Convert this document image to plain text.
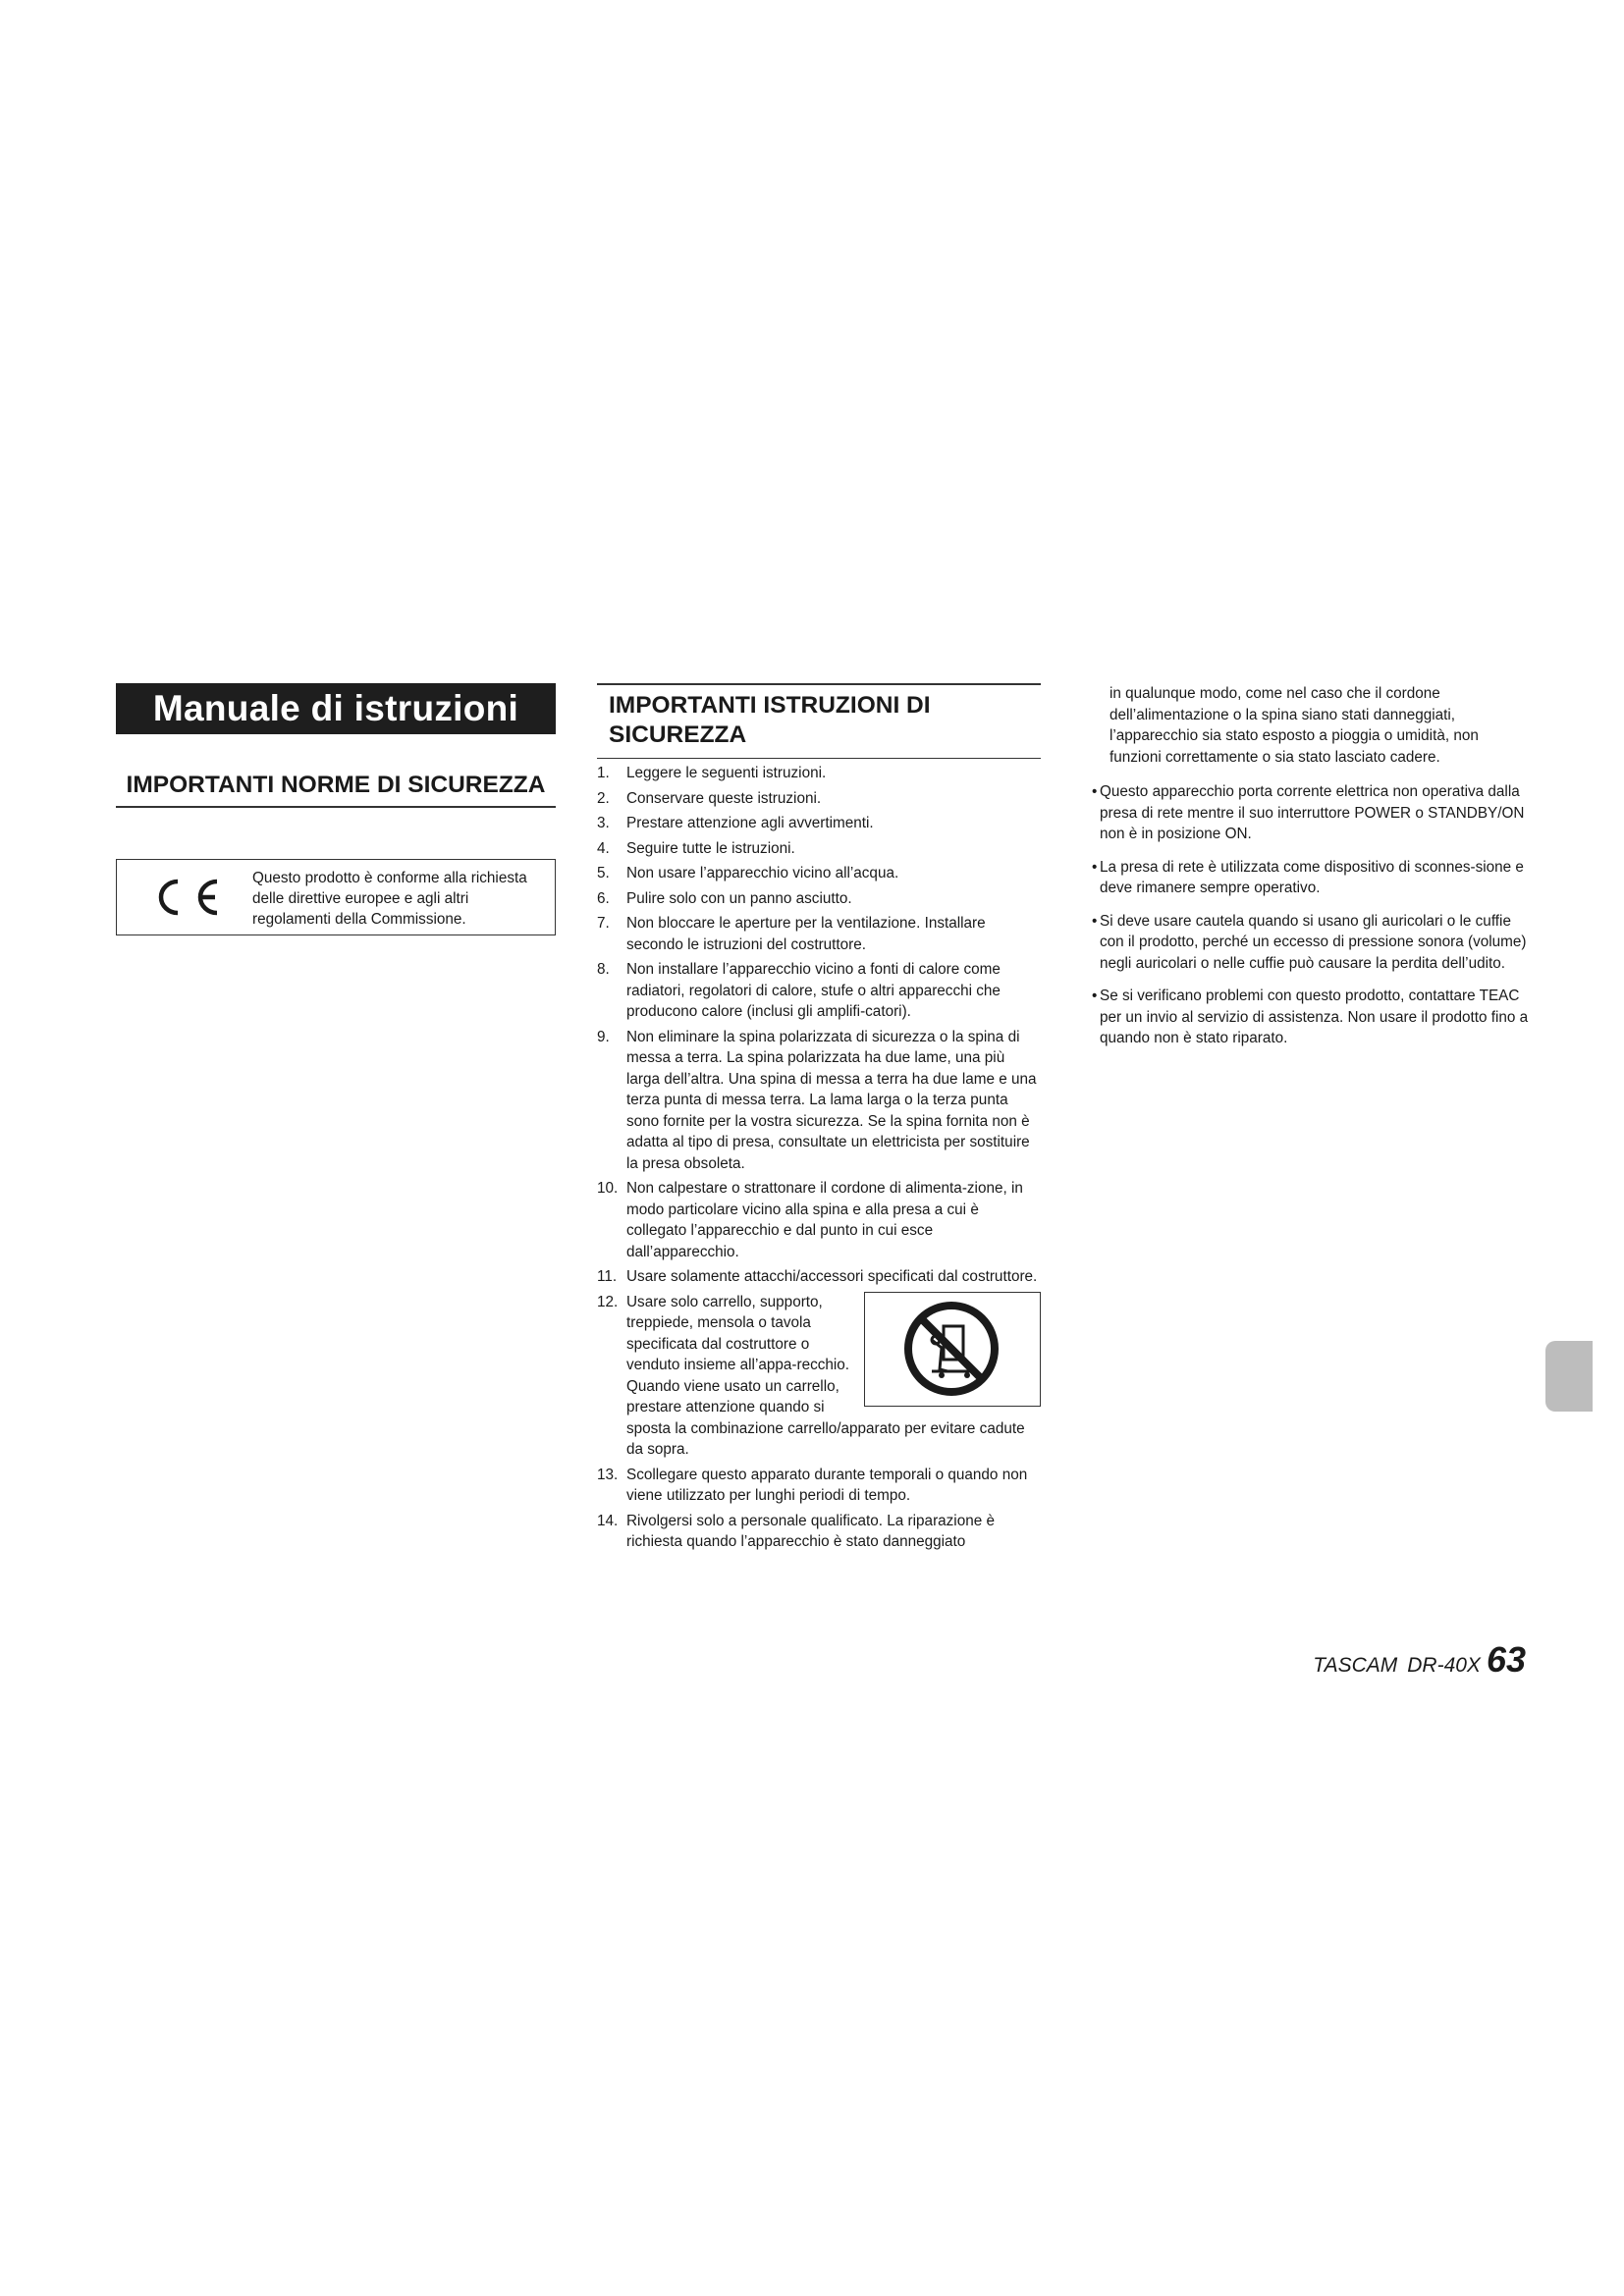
Manuale di istruzioni
IMPORTANTI NORME DI SICUREZZA
Questo prodotto è conforme alla richiesta delle direttive europee e agli altri regolamenti della Commissione.
IMPORTANTI ISTRUZIONI DI SICUREZZA
1. Leggere le seguenti istruzioni.
2. Conservare queste istruzioni.
3. Prestare attenzione agli avvertimenti.
4. Seguire tutte le istruzioni.
5. Non usare l’apparecchio vicino all’acqua.
6. Pulire solo con un panno asciutto.
7. Non bloccare le aperture per la ventilazione. Installare secondo le istruzioni del costruttore.
8. Non installare l’apparecchio vicino a fonti di calore come radiatori, regolatori di calore, stufe o altri apparecchi che producono calore (inclusi gli amplifi-catori).
9. Non eliminare la spina polarizzata di sicurezza o la spina di messa a terra. La spina polarizzata ha due lame, una più larga dell’altra. Una spina di messa a terra ha due lame e una terza punta di messa terra. La lama larga o la terza punta sono fornite per la vostra sicurezza. Se la spina fornita non è adatta al tipo di presa, consultate un elettricista per sostituire la presa obsoleta.
10. Non calpestare o strattonare il cordone di alimenta-zione, in modo particolare vicino alla spina e alla presa a cui è collegato l’apparecchio e dal punto in cui esce dall’apparecchio.
11. Usare solamente attacchi/accessori specificati dal costruttore.
12. Usare solo carrello, supporto, treppiede, mensola o tavola specificata dal costruttore o venduto insieme all’appa-recchio. Quando viene usato un carrello, prestare attenzione quando si sposta la combinazione carrello/apparato per evitare cadute da sopra.
13. Scollegare questo apparato durante temporali o quando non viene utilizzato per lunghi periodi di tempo.
14. Rivolgersi solo a personale qualificato. La riparazione è richiesta quando l’apparecchio è stato danneggiato
in qualunque modo, come nel caso che il cordone dell’alimentazione o la spina siano stati danneggiati, l’apparecchio sia stato esposto a pioggia o umidità, non funzioni correttamente o sia stato lasciato cadere.
• Questo apparecchio porta corrente elettrica non operativa dalla presa di rete mentre il suo interruttore POWER o STANDBY/ON non è in posizione ON.
• La presa di rete è utilizzata come dispositivo di sconnes-sione e deve rimanere sempre operativo.
• Si deve usare cautela quando si usano gli auricolari o le cuffie con il prodotto, perché un eccesso di pressione sonora (volume) negli auricolari o nelle cuffie può causare la perdita dell’udito.
• Se si verificano problemi con questo prodotto, contattare TEAC per un invio al servizio di assistenza. Non usare il prodotto fino a quando non è stato riparato.
TASCAM DR-40X 63
